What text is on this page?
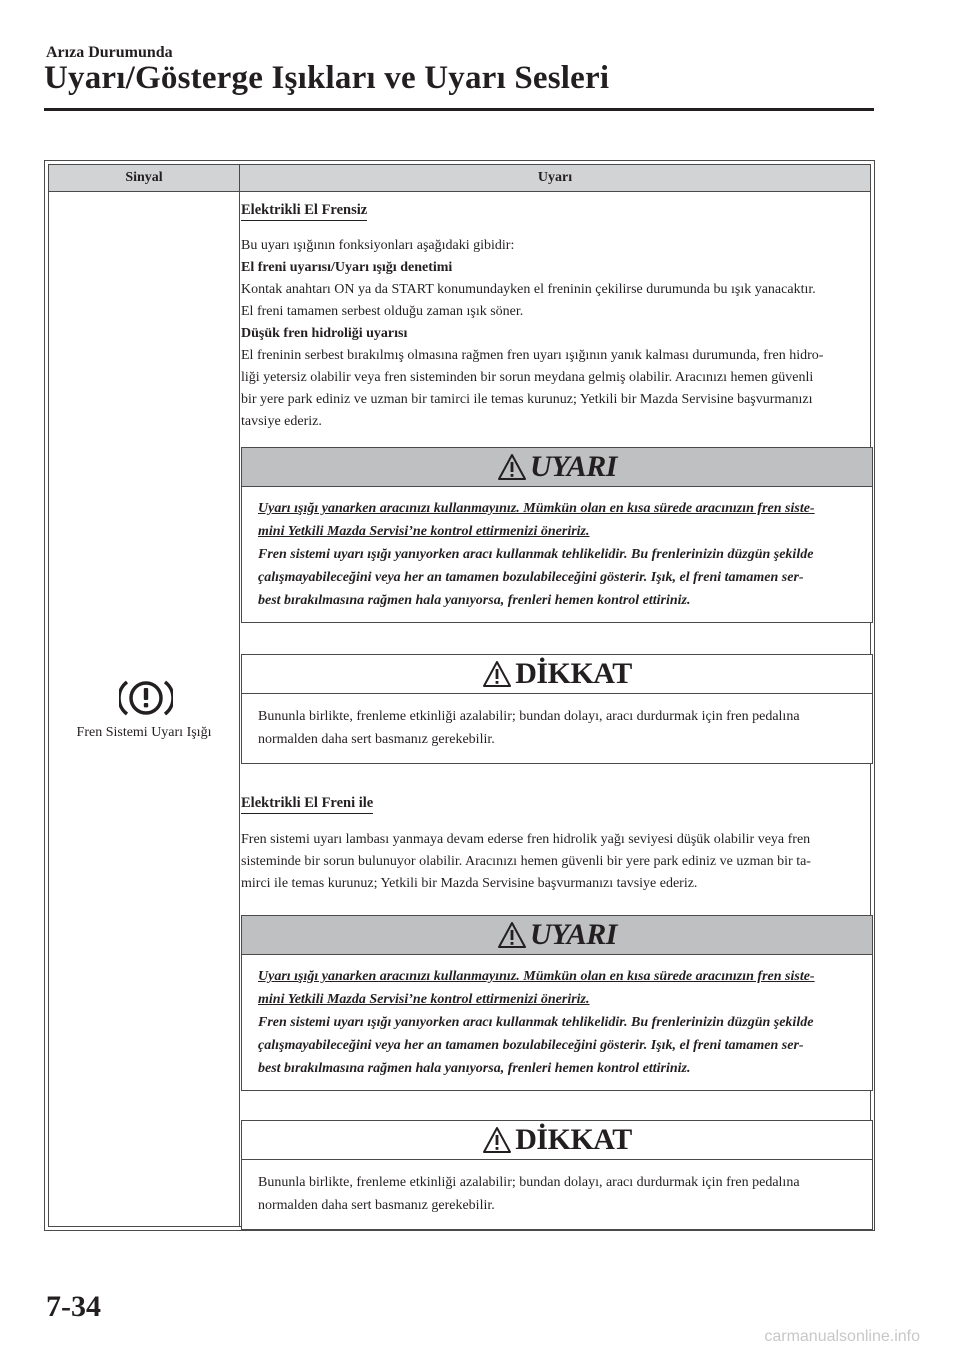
Arıza Durumunda
Uyarı/Gösterge Işıkları ve Uyarı Sesleri
Sinyal	Uyarı
Fren Sistemi Uyarı Işığı
Elektrikli El Frensiz
Bu uyarı ışığının fonksiyonları aşağıdaki gibidir:
El freni uyarısı/Uyarı ışığı denetimi
Kontak anahtarı ON ya da START konumundayken el freninin çekilirse durumunda bu ışık yanacaktır.
El freni tamamen serbest olduğu zaman ışık söner.
Düşük fren hidroliği uyarısı
El freninin serbest bırakılmış olmasına rağmen fren uyarı ışığının yanık kalması durumunda, fren hidro-
liği yetersiz olabilir veya fren sisteminden bir sorun meydana gelmiş olabilir. Aracınızı hemen güvenli
bir yere park ediniz ve uzman bir tamirci ile temas kurunuz; Yetkili bir Mazda Servisine başvurmanızı
tavsiye ederiz.
UYARI
Uyarı ışığı yanarken aracınızı kullanmayınız. Mümkün olan en kısa sürede aracınızın fren siste-
mini Yetkili Mazda Servisi’ne kontrol ettirmenizi öneririz.
Fren sistemi uyarı ışığı yanıyorken aracı kullanmak tehlikelidir. Bu frenlerinizin düzgün şekilde
çalışmayabileceğini veya her an tamamen bozulabileceğini gösterir. Işık, el freni tamamen ser-
best bırakılmasına rağmen hala yanıyorsa, frenleri hemen kontrol ettiriniz.
DİKKAT
Bununla birlikte, frenleme etkinliği azalabilir; bundan dolayı, aracı durdurmak için fren pedalına
normalden daha sert basmanız gerekebilir.
Elektrikli El Freni ile
Fren sistemi uyarı lambası yanmaya devam ederse fren hidrolik yağı seviyesi düşük olabilir veya fren
sisteminde bir sorun bulunuyor olabilir. Aracınızı hemen güvenli bir yere park ediniz ve uzman bir ta-
mirci ile temas kurunuz; Yetkili bir Mazda Servisine başvurmanızı tavsiye ederiz.
UYARI
Uyarı ışığı yanarken aracınızı kullanmayınız. Mümkün olan en kısa sürede aracınızın fren siste-
mini Yetkili Mazda Servisi’ne kontrol ettirmenizi öneririz.
Fren sistemi uyarı ışığı yanıyorken aracı kullanmak tehlikelidir. Bu frenlerinizin düzgün şekilde
çalışmayabileceğini veya her an tamamen bozulabileceğini gösterir. Işık, el freni tamamen ser-
best bırakılmasına rağmen hala yanıyorsa, frenleri hemen kontrol ettiriniz.
DİKKAT
Bununla birlikte, frenleme etkinliği azalabilir; bundan dolayı, aracı durdurmak için fren pedalına
normalden daha sert basmanız gerekebilir.
7-34
carmanualsonline.info
